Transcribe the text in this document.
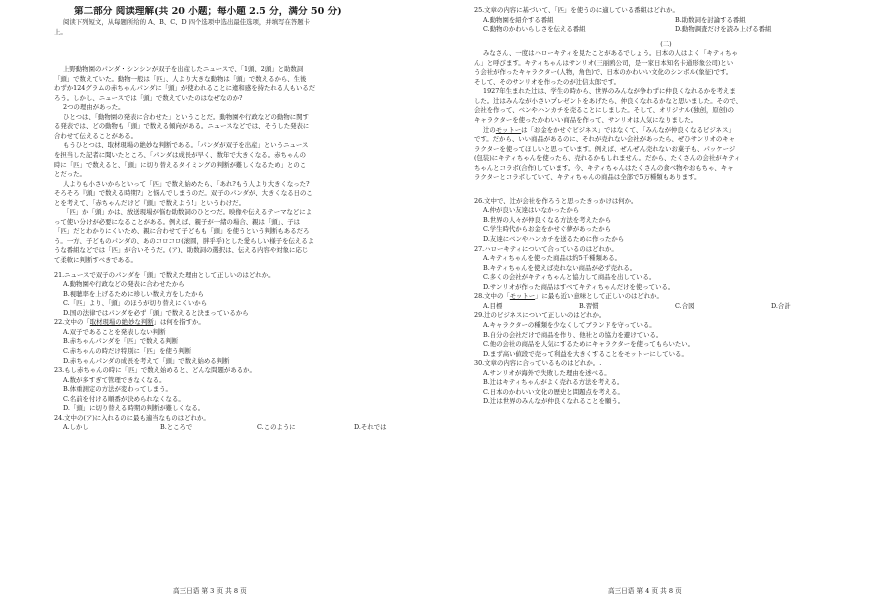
第二部分 阅读理解(共 20 小题；每小题 2.5 分，满分 50 分)

阅读下列短文，从每题所给的 A、B、C、D 四个选项中选出最佳选项，并填写在答题卡

上。

上野動物園のパンダ・シンシンが双子を出産したニュースで、「1頭、2頭」と助数詞

「頭」で数えていた。動物一般は「匹」、人より大きな動物は「頭」で数えるから、生後

わずか124グラムの赤ちゃんパンダに「頭」が使われることに違和感を持たれる人もいるだ

ろう。しかし、ニュースでは「頭」で数えていたのはなぜなのか?

2つの理由があった。

ひとつは、「動物園の発表に合わせた」ということだ。動物園や行政などの動物に関す

る発表では、どの動物も「頭」で数える傾向がある。ニュースなどでは、そうした発表に

合わせて伝えることがある。

もうひとつは、取材現場の絶妙な判断である。「パンダが双子を出産」というニュース

を担当した記者に聞いたところ、「パンダは成長が早く、数年で大きくなる。赤ちゃんの

時に「匹」で数えると、「頭」に切り替えるタイミングの判断が難しくなるため」とのこ

とだった。

人よりも小さいからといって「匹」で数え始めたら、「あれ?もう人より大きくなった?

そろそろ『頭』で数える時期?」と悩んでしまうのだ。双子のパンダが、大きくなる日のこ

とを考えて、「赤ちゃんだけど『頭』で数えよう!」というわけだ。

「匹」か「頭」かは、放送現場が悩む助数詞のひとつだ。映像や伝えるテーマなどによ

って使い分けが必要になることがある。例えば、親子が一緒の場合、親は「頭」、子は

「匹」だとわかりにくいため、親に合わせて子どもも「頭」を使うという判断もあるだろ

う。一方、子どものパンダの、あのコロコロ(滚圆，胖乎乎)とした愛らしい様子を伝えるよ

うな番組などでは「匹」が合いそうだ。(ア)、助数詞の選択は、伝える内容や対象に応じ

て柔軟に判断すべきである。

21.ニュースで双子のパンダを「頭」で数えた理由として正しいのはどれか。

A.動物園や行政などの発表に合わせたから

B.視聴率を上げるために珍しい数え方をしたから

C.「匹」より、「頭」のほうが切り替えにくいから

D.国の法律ではパンダを必ず「頭」で数えると決まっているから

22.文中の「取材現場の絶妙な判断」は何を指すか。

A.双子であることを発表しない判断

B.赤ちゃんパンダを「匹」で数える判断

C.赤ちゃんの時だけ特別に「匹」を使う判断

D.赤ちゃんパンダの成長を考えて「頭」で数え始める判断

23.もし赤ちゃんの時に「匹」で数え始めると、どんな問題があるか。

A.数が多すぎて管理できなくなる。

B.体重測定の方法が変わってしまう。

C.名前を付ける順番が決められなくなる。

D.「頭」に切り替える時期の判断が難しくなる。

24.文中の(ア)に入れるのに最も適当なものはどれか。

A.しかし	B.ところで	C.このように	D.それでは

25.文章の内容に基づいて、「匹」を使うのに適している番組はどれか。

A.動物園を紹介する番組	B.助数詞を討論する番組
C.動物のかわいらしさを伝える番組	D.動物調査だけを読み上げる番組

(二)

みなさん、一度はハローキティを見たことがあるでしょう。日本の人はよく「キティちゃ

ん」と呼びます。キティちゃんはサンリオ(三丽鸥公司，是一家日本知名卡通形象公司)とい

う会社が作ったキャラクター(人物，角色)で、日本のかわいい文化のシンボル(象征)です。

そして、そのサンリオを作ったのが辻信太郎です。

1927年生まれた辻は、学生の時から、世界のみんなが争わずに仲良くなれるかを考えま

した。辻はみんなが小さいプレゼントをあげたら、仲良くなれるかなと思いました。そので、

会社を作って、ベンやハンカチを売ることにしました。そして、オリジナル(独创，原创)の

キャラクターを使ったかわいい商品を作って、サンリオは人気になりました。

辻のモットーは「お金をかせぐビジネス」ではなくて、「みんなが仲良くなるビジネス」

です。だから、いい商品があるのに、それが売れない会社があったら、ぜひサンリオのキャ

ラクターを使ってほしいと思っています。例えば、ぜんぜん売れないお菓子も、パッケージ

(包装)にキティちゃんを使ったら、売れるかもしれません。だから、たくさんの会社がキティ

ちゃんとコラボ(合作)しています。今、キティちゃんはたくさんの食べ物やおもちゃ、キャ

ラクターとコラボしていて、キティちゃんの商品は全部で5万種類もあります。

26.文中で、辻が会社を作ろうと思ったきっかけは何か。

A.仲が良い友達はいなかったから

B.世界の人々が仲良くなる方法を考えたから

C.学生時代からお金をかせぐ夢があったから

D.友達にベンやハンカチを送るために作ったから

27.ハローキティについて合っているのはどれか。

A.キティちゃんを使った商品は約5千種類ある。

B.キティちゃんを使えば売れない商品が必ず売れる。

C.多くの会社がキティちゃんと協力して商品を出している。

D.サンリオが作った商品はすべてキティちゃんだけを使っている。

28.文中の「モットー」に最も近い意味として正しいのはどれか。

A.目標	B.習慣	C.合図	D.合計

29.辻のビジネスについて正しいのはどれか。

A.キャラクターの種類を少なくしてブランドを守っている。

B.自分の会社だけで商品を作り、他社との協力を避けている。

C.他の会社の商品を人気にするためにキャラクターを使ってもらいたい。

D.まず高い値段で売って利益を大きくすることをモットーにしている。

30.文章の内容に合っているものはどれか。.

A.サンリオが海外で失敗した理由を述べる。

B.辻はキティちゃんがよく売れる方法を考える。

C.日本のかわいい文化の歴史と問題点を考える。

D.辻は世界のみんなが仲良くなれることを願う。

高三日语 第 3 页 共 8 页	高三日语 第 4 页 共 8 页
